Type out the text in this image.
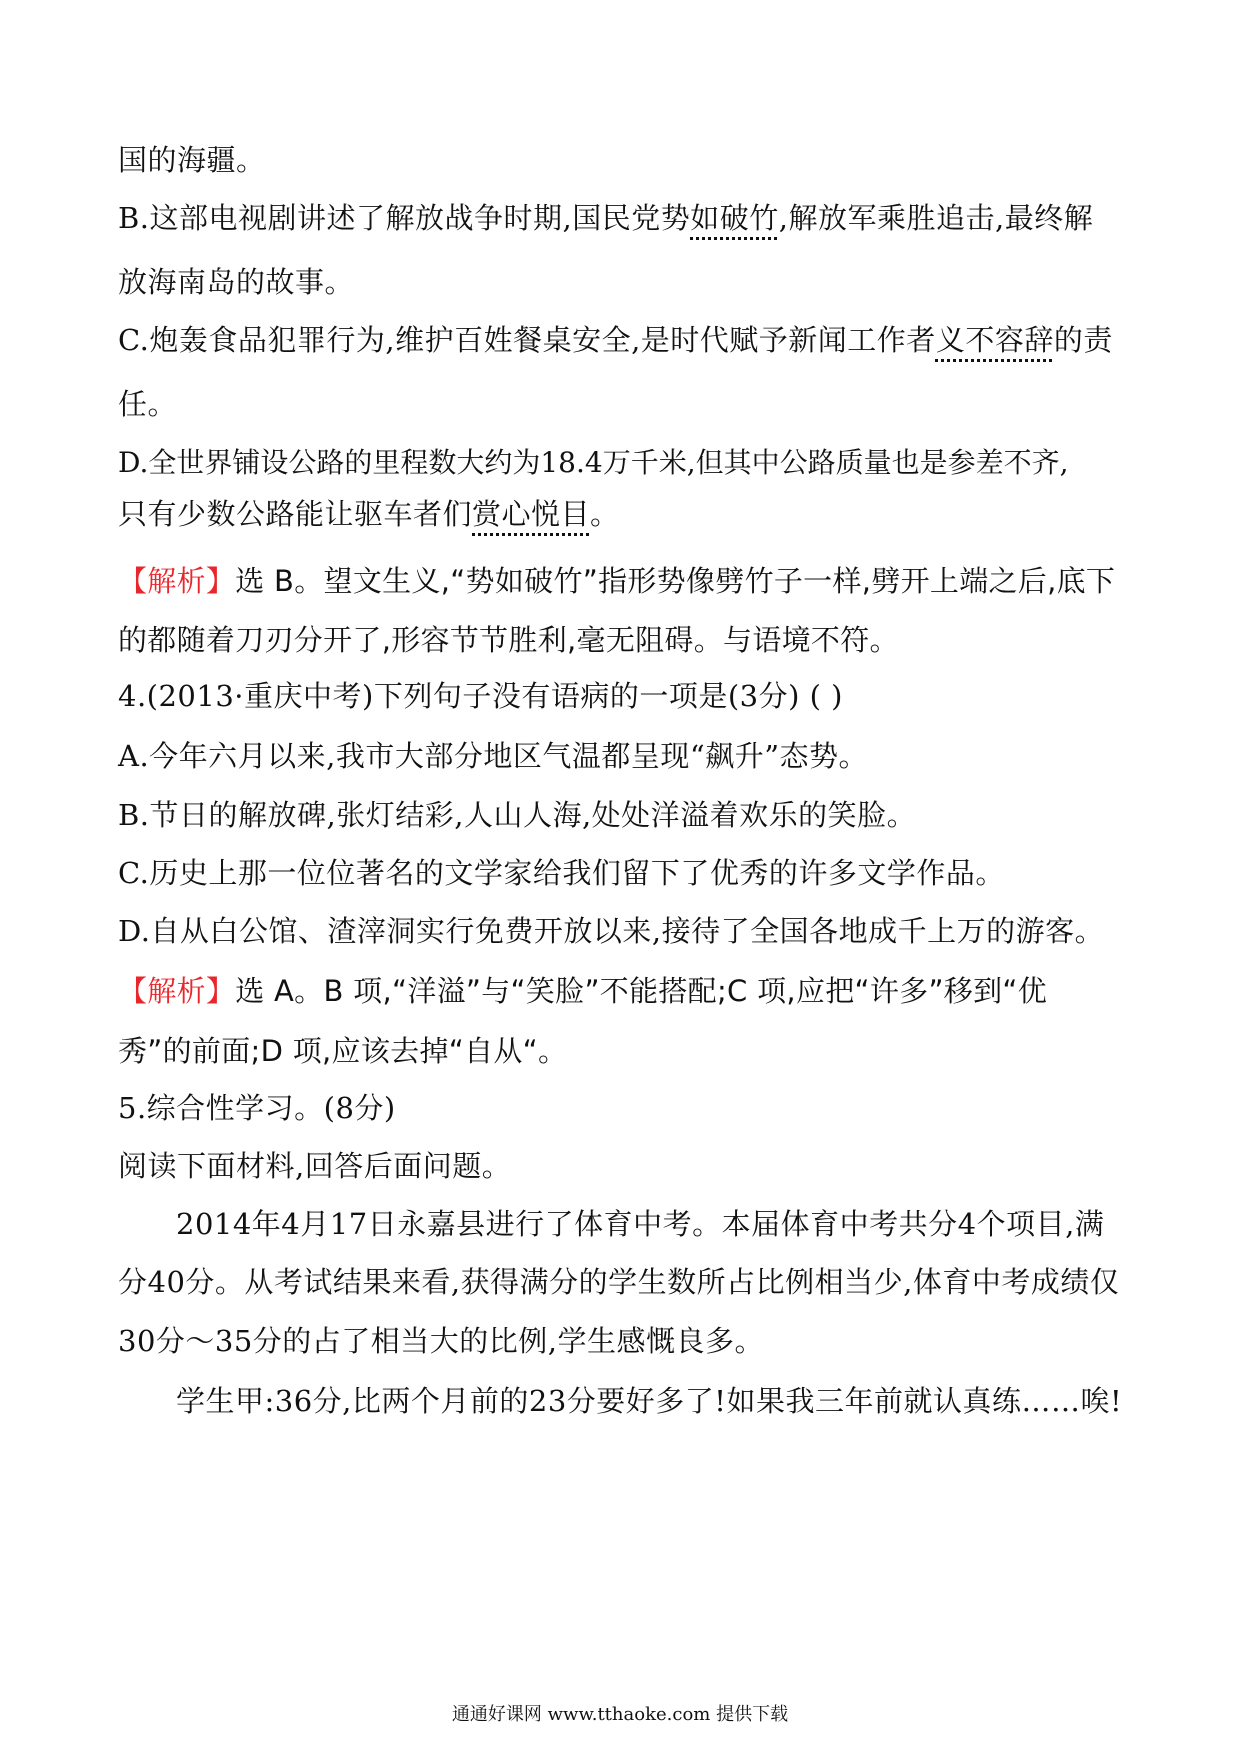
国的海疆。
B.这部电视剧讲述了解放战争时期,国民党势如破竹,解放军乘胜追击,最终解
放海南岛的故事。
C.炮轰食品犯罪行为,维护百姓餐桌安全,是时代赋予新闻工作者义不容辞的责
任。
D.全世界铺设公路的里程数大约为18.4万千米,但其中公路质量也是参差不齐,
只有少数公路能让驱车者们赏心悦目。
【解析】选 B。望文生义,“势如破竹”指形势像劈竹子一样,劈开上端之后,底下
的都随着刀刃分开了,形容节节胜利,毫无阻碍。与语境不符。
4.(2013·重庆中考)下列句子没有语病的一项是(3分) ( )
A.今年六月以来,我市大部分地区气温都呈现“飙升”态势。
B.节日的解放碑,张灯结彩,人山人海,处处洋溢着欢乐的笑脸。
C.历史上那一位位著名的文学家给我们留下了优秀的许多文学作品。
D.自从白公馆、渣滓洞实行免费开放以来,接待了全国各地成千上万的游客。
【解析】选 A。B 项,“洋溢”与“笑脸”不能搭配;C 项,应把“许多”移到“优
秀”的前面;D 项,应该去掉“自从“。
5.综合性学习。(8分)
阅读下面材料,回答后面问题。
2014年4月17日永嘉县进行了体育中考。本届体育中考共分4个项目,满
分40分。从考试结果来看,获得满分的学生数所占比例相当少,体育中考成绩仅
30分～35分的占了相当大的比例,学生感慨良多。
学生甲:36分,比两个月前的23分要好多了!如果我三年前就认真练……唉!
通通好课网 www.tthaoke.com 提供下载
